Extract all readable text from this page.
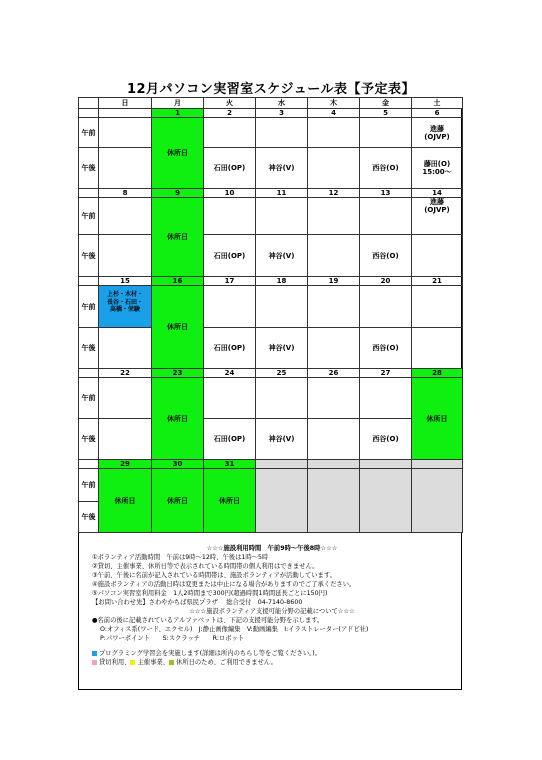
12月パソコン実習室スケジュール表【予定表】
	日	月	火	水	木	金	土
		1	2	3	4	5	6
午前		休所日					進藤
(OJVP)

午後			石田(OP)	神谷(V)		西谷(O)	藤田(O)
15:00～

	8	9	10	11	12	13	14
午前		休所日					進藤
(OJVP)

午後			石田(OP)	神谷(V)		西谷(O)	
	15	16	17	18	19	20	21
午前	上杉・木村・
長谷・石田・
高橋・栄駿	休所日					
午後			石田(OP)	神谷(V)		西谷(O)	
	22	23	24	25	26	27	28
午前		休所日					休所日
午後			石田(OP)	神谷(V)		西谷(O)	
	29	30	31				
午前	休所日	休所日	休所日				
午後							
☆☆☆施設利用時間　午前9時～午後8時☆☆☆
①ボランティア活動時間　午前は9時～12時、午後は1時～5時
②貸切、主催事業、休所日等で表示されている時間帯の個人利用はできません。
③午前、午後に名前が記入されている時間帯は、施設ボランティアが活動しています。
④施設ボランティアの活動日時は変更または中止になる場合がありますのでご了承ください。
⑤パソコン実習室利用料金　1人2時間まで300円(超過時間1時間延長ごとに150円)
【お問い合わせ先】さわやかちば県民プラザ　 総合受付　04-7140-8600
☆☆☆施設ボランティア支援可能分野の記載について☆☆☆
●名前の後に記載されているアルファベットは、下記の支援可能分野を示します。
O:オフィス系(ワード、エクセル)　J:静止画像編集　V:動画編集　I:イラストレーター(アドビ社)
P:パワーポイント　　S:スクラッチ　　R:ロボット
プログラミング学習会を実施します(詳細は所内のちらし等をご覧ください。)。
貸切利用、 主催事業、 休所日のため、ご利用できません。
